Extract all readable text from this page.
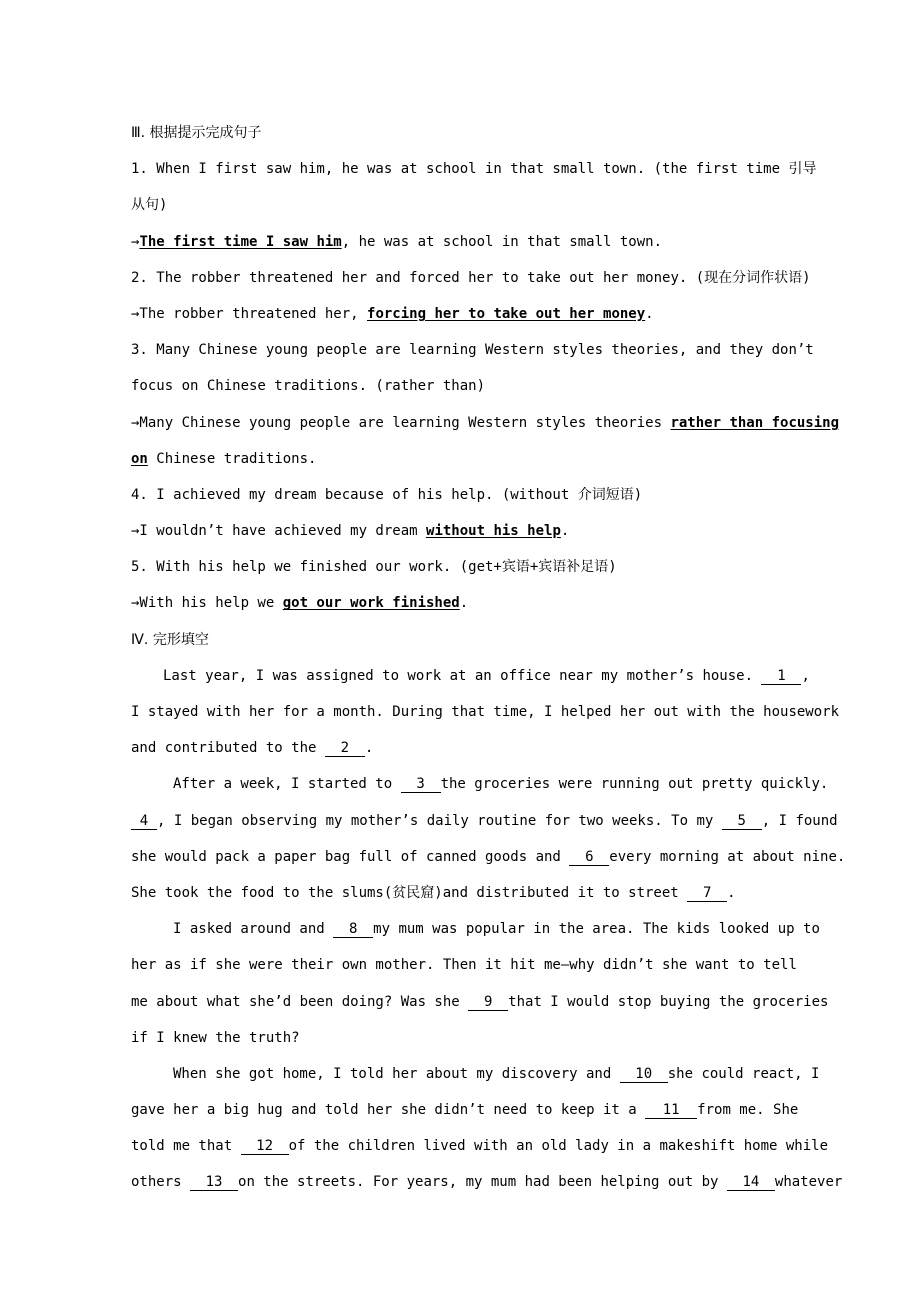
Ⅲ. 根据提示完成句子
1. When I first saw him, he was at school in that small town. (the first time 引导
从句)
→The first time I saw him, he was at school in that small town.
2. The robber threatened her and forced her to take out her money. (现在分词作状语)
→The robber threatened her, forcing her to take out her money.
3. Many Chinese young people are learning Western styles theories, and they don’t
focus on Chinese traditions. (rather than)
→Many Chinese young people are learning Western styles theories rather than focusing
on Chinese traditions.
4. I achieved my dream because of his help. (without 介词短语)
→I wouldn’t have achieved my dream without his help.
5. With his help we finished our work. (get+宾语+宾语补足语)
→With his help we got our work finished.
Ⅳ. 完形填空
Last year, I was assigned to work at an office near my mother’s house. 1 ,
I stayed with her for a month. During that time, I helped her out with the housework
and contributed to the 2 .
After a week, I started to 3 the groceries were running out pretty quickly.
4 , I began observing my mother’s daily routine for two weeks. To my 5 , I found
she would pack a paper bag full of canned goods and 6 every morning at about nine.
She took the food to the slums(贫民窟)and distributed it to street 7 .
I asked around and 8 my mum was popular in the area. The kids looked up to
her as if she were their own mother. Then it hit me—why didn’t she want to tell
me about what she’d been doing? Was she 9 that I would stop buying the groceries
if I knew the truth?
When she got home, I told her about my discovery and 10 she could react, I
gave her a big hug and told her she didn’t need to keep it a 11 from me. She
told me that 12 of the children lived with an old lady in a makeshift home while
others 13 on the streets. For years, my mum had been helping out by 14 whatever
